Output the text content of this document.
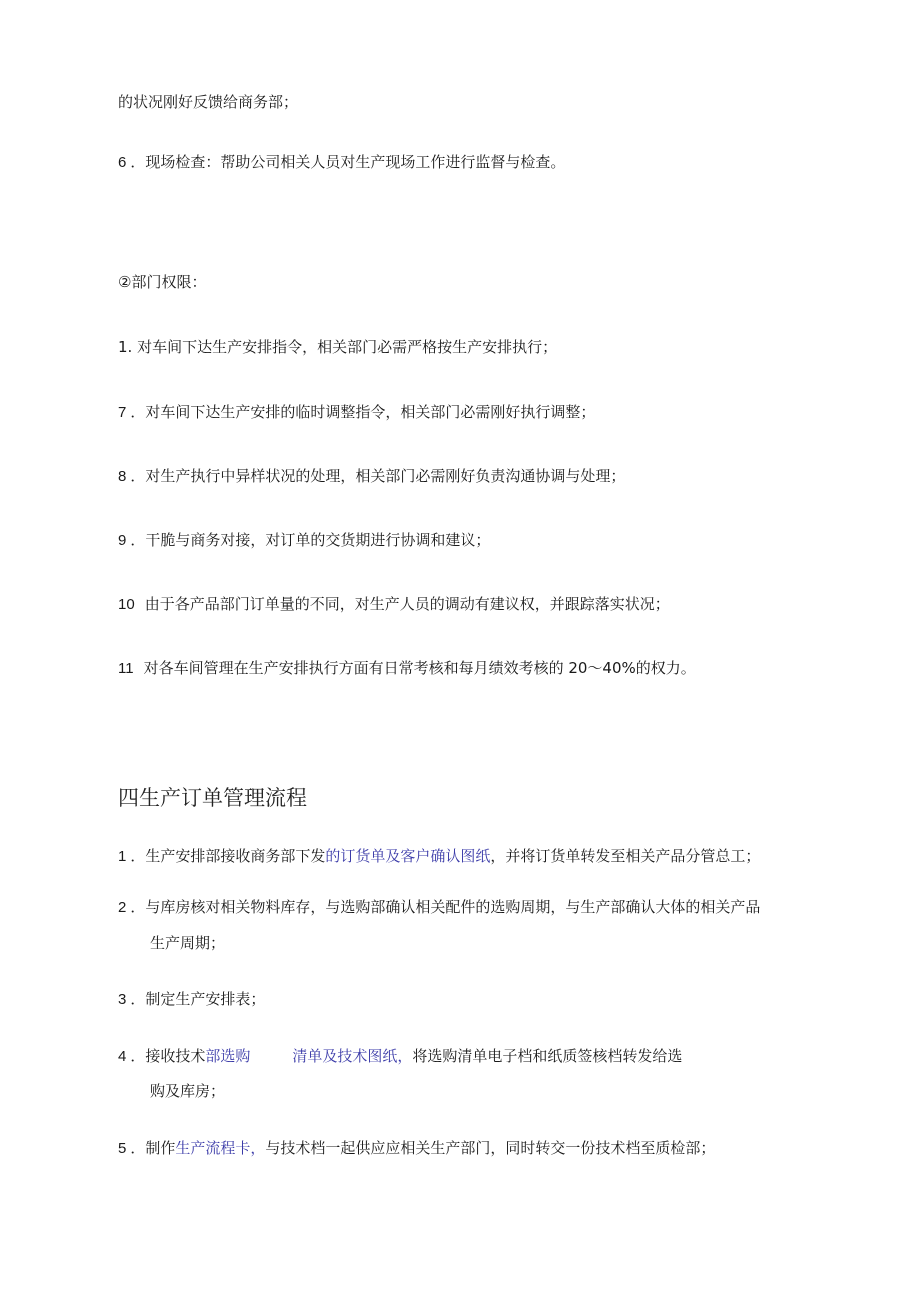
的状况刚好反馈给商务部；
6 ．现场检查：帮助公司相关人员对生产现场工作进行监督与检查。
②部门权限：
1. 对车间下达生产安排指令，相关部门必需严格按生产安排执行；
7 ．对车间下达生产安排的临时调整指令，相关部门必需刚好执行调整；
8 ．对生产执行中异样状况的处理，相关部门必需刚好负责沟通协调与处理；
9 ．干脆与商务对接，对订单的交货期进行协调和建议；
10 由于各产品部门订单量的不同，对生产人员的调动有建议权，并跟踪落实状况；
11 对各车间管理在生产安排执行方面有日常考核和每月绩效考核的 20～40%的权力。
四生产订单管理流程
1 ．生产安排部接收商务部下发的订货单及客户确认图纸，并将订货单转发至相关产品分管总工；
2 ．与库房核对相关物料库存，与选购部确认相关配件的选购周期，与生产部确认大体的相关产品
生产周期；
3 ．制定生产安排表；
4 ．接收技术部选购	清单及技术图纸，将选购清单电子档和纸质签核档转发给选
购及库房；
5 ．制作生产流程卡，与技术档一起供应应相关生产部门，同时转交一份技术档至质检部；
